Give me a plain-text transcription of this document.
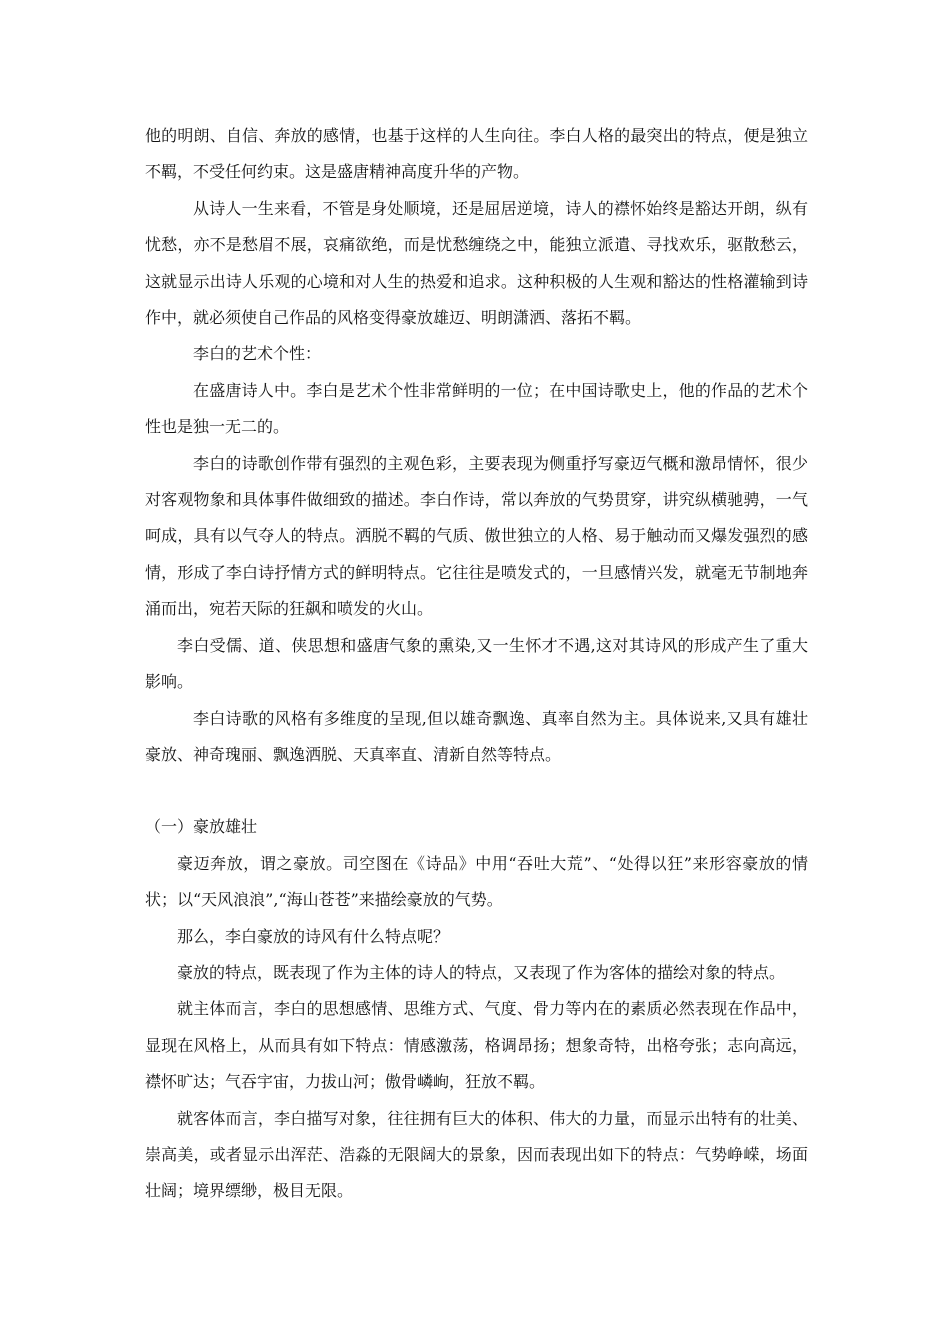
他的明朗、自信、奔放的感情，也基于这样的人生向往。李白人格的最突出的特点，便是独立不羁，不受任何约束。这是盛唐精神高度升华的产物。

从诗人一生来看，不管是身处顺境，还是屈居逆境，诗人的襟怀始终是豁达开朗，纵有忧愁，亦不是愁眉不展，哀痛欲绝，而是忧愁缠绕之中，能独立派遣、寻找欢乐，驱散愁云，这就显示出诗人乐观的心境和对人生的热爱和追求。这种积极的人生观和豁达的性格灌输到诗作中，就必须使自己作品的风格变得豪放雄迈、明朗潇洒、落拓不羁。

李白的艺术个性：

在盛唐诗人中。李白是艺术个性非常鲜明的一位；在中国诗歌史上，他的作品的艺术个性也是独一无二的。

李白的诗歌创作带有强烈的主观色彩，主要表现为侧重抒写豪迈气概和激昂情怀，很少对客观物象和具体事件做细致的描述。李白作诗，常以奔放的气势贯穿，讲究纵横驰骋，一气呵成，具有以气夺人的特点。洒脱不羁的气质、傲世独立的人格、易于触动而又爆发强烈的感情，形成了李白诗抒情方式的鲜明特点。它往往是喷发式的，一旦感情兴发，就毫无节制地奔涌而出，宛若天际的狂飙和喷发的火山。

李白受儒、道、侠思想和盛唐气象的熏染,又一生怀才不遇,这对其诗风的形成产生了重大影响。

李白诗歌的风格有多维度的呈现,但以雄奇飘逸、真率自然为主。具体说来,又具有雄壮豪放、神奇瑰丽、飘逸洒脱、天真率直、清新自然等特点。

（一）豪放雄壮

豪迈奔放，谓之豪放。司空图在《诗品》中用“吞吐大荒”、“处得以狂”来形容豪放的情状；以“天风浪浪”,“海山苍苍”来描绘豪放的气势。

那么，李白豪放的诗风有什么特点呢？

豪放的特点，既表现了作为主体的诗人的特点，又表现了作为客体的描绘对象的特点。

就主体而言，李白的思想感情、思维方式、气度、骨力等内在的素质必然表现在作品中，显现在风格上，从而具有如下特点：情感激荡，格调昂扬；想象奇特，出格夸张；志向高远，襟怀旷达；气吞宇宙，力拔山河；傲骨嶙峋，狂放不羁。

就客体而言，李白描写对象，往往拥有巨大的体积、伟大的力量，而显示出特有的壮美、崇高美，或者显示出浑茫、浩淼的无限阔大的景象，因而表现出如下的特点：气势峥嵘，场面壮阔；境界缥缈，极目无限。
